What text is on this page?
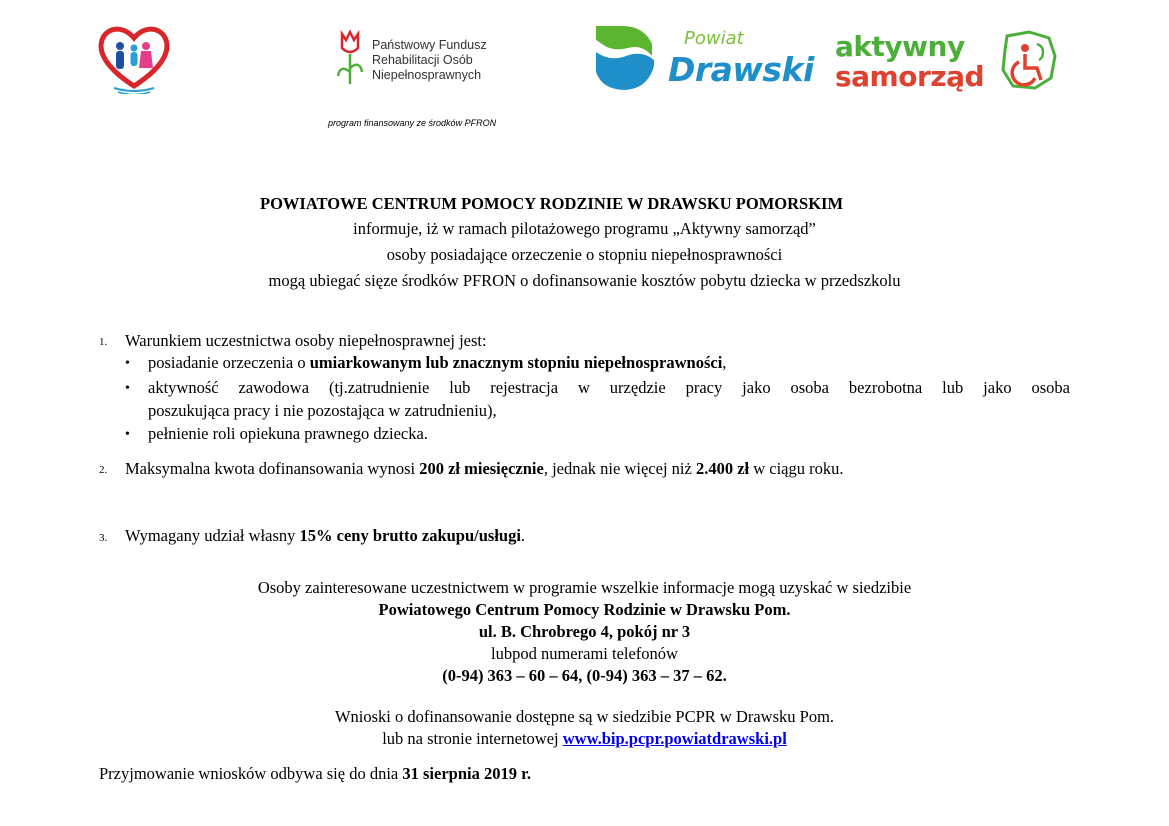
Państwowy Fundusz
Rehabilitacji Osób
Niepełnosprawnych
Powiat
Drawski
aktywny
samorząd
program finansowany ze środków PFRON
POWIATOWE CENTRUM POMOCY RODZINIE W DRAWSKU POMORSKIM
informuje, iż w ramach pilotażowego programu „Aktywny samorząd”
osoby posiadające orzeczenie o stopniu niepełnosprawności
mogą ubiegać sięze środków PFRON o dofinansowanie kosztów pobytu dziecka w przedszkolu
1. Warunkiem uczestnictwa osoby niepełnosprawnej jest:
• posiadanie orzeczenia o umiarkowanym lub znacznym stopniu niepełnosprawności,
• aktywność zawodowa (tj.zatrudnienie lub rejestracja w urzędzie pracy jako osoba bezrobotna lub jako osoba
poszukująca pracy i nie pozostająca w zatrudnieniu),
• pełnienie roli opiekuna prawnego dziecka.
2. Maksymalna kwota dofinansowania wynosi 200 zł miesięcznie, jednak nie więcej niż 2.400 zł w ciągu roku.
3. Wymagany udział własny 15% ceny brutto zakupu/usługi.
Osoby zainteresowane uczestnictwem w programie wszelkie informacje mogą uzyskać w siedzibie
Powiatowego Centrum Pomocy Rodzinie w Drawsku Pom.
ul. B. Chrobrego 4, pokój nr 3
lubpod numerami telefonów
(0-94) 363 – 60 – 64, (0-94) 363 – 37 – 62.
Wnioski o dofinansowanie dostępne są w siedzibie PCPR w Drawsku Pom.
lub na stronie internetowej www.bip.pcpr.powiatdrawski.pl
Przyjmowanie wniosków odbywa się do dnia 31 sierpnia 2019 r.
